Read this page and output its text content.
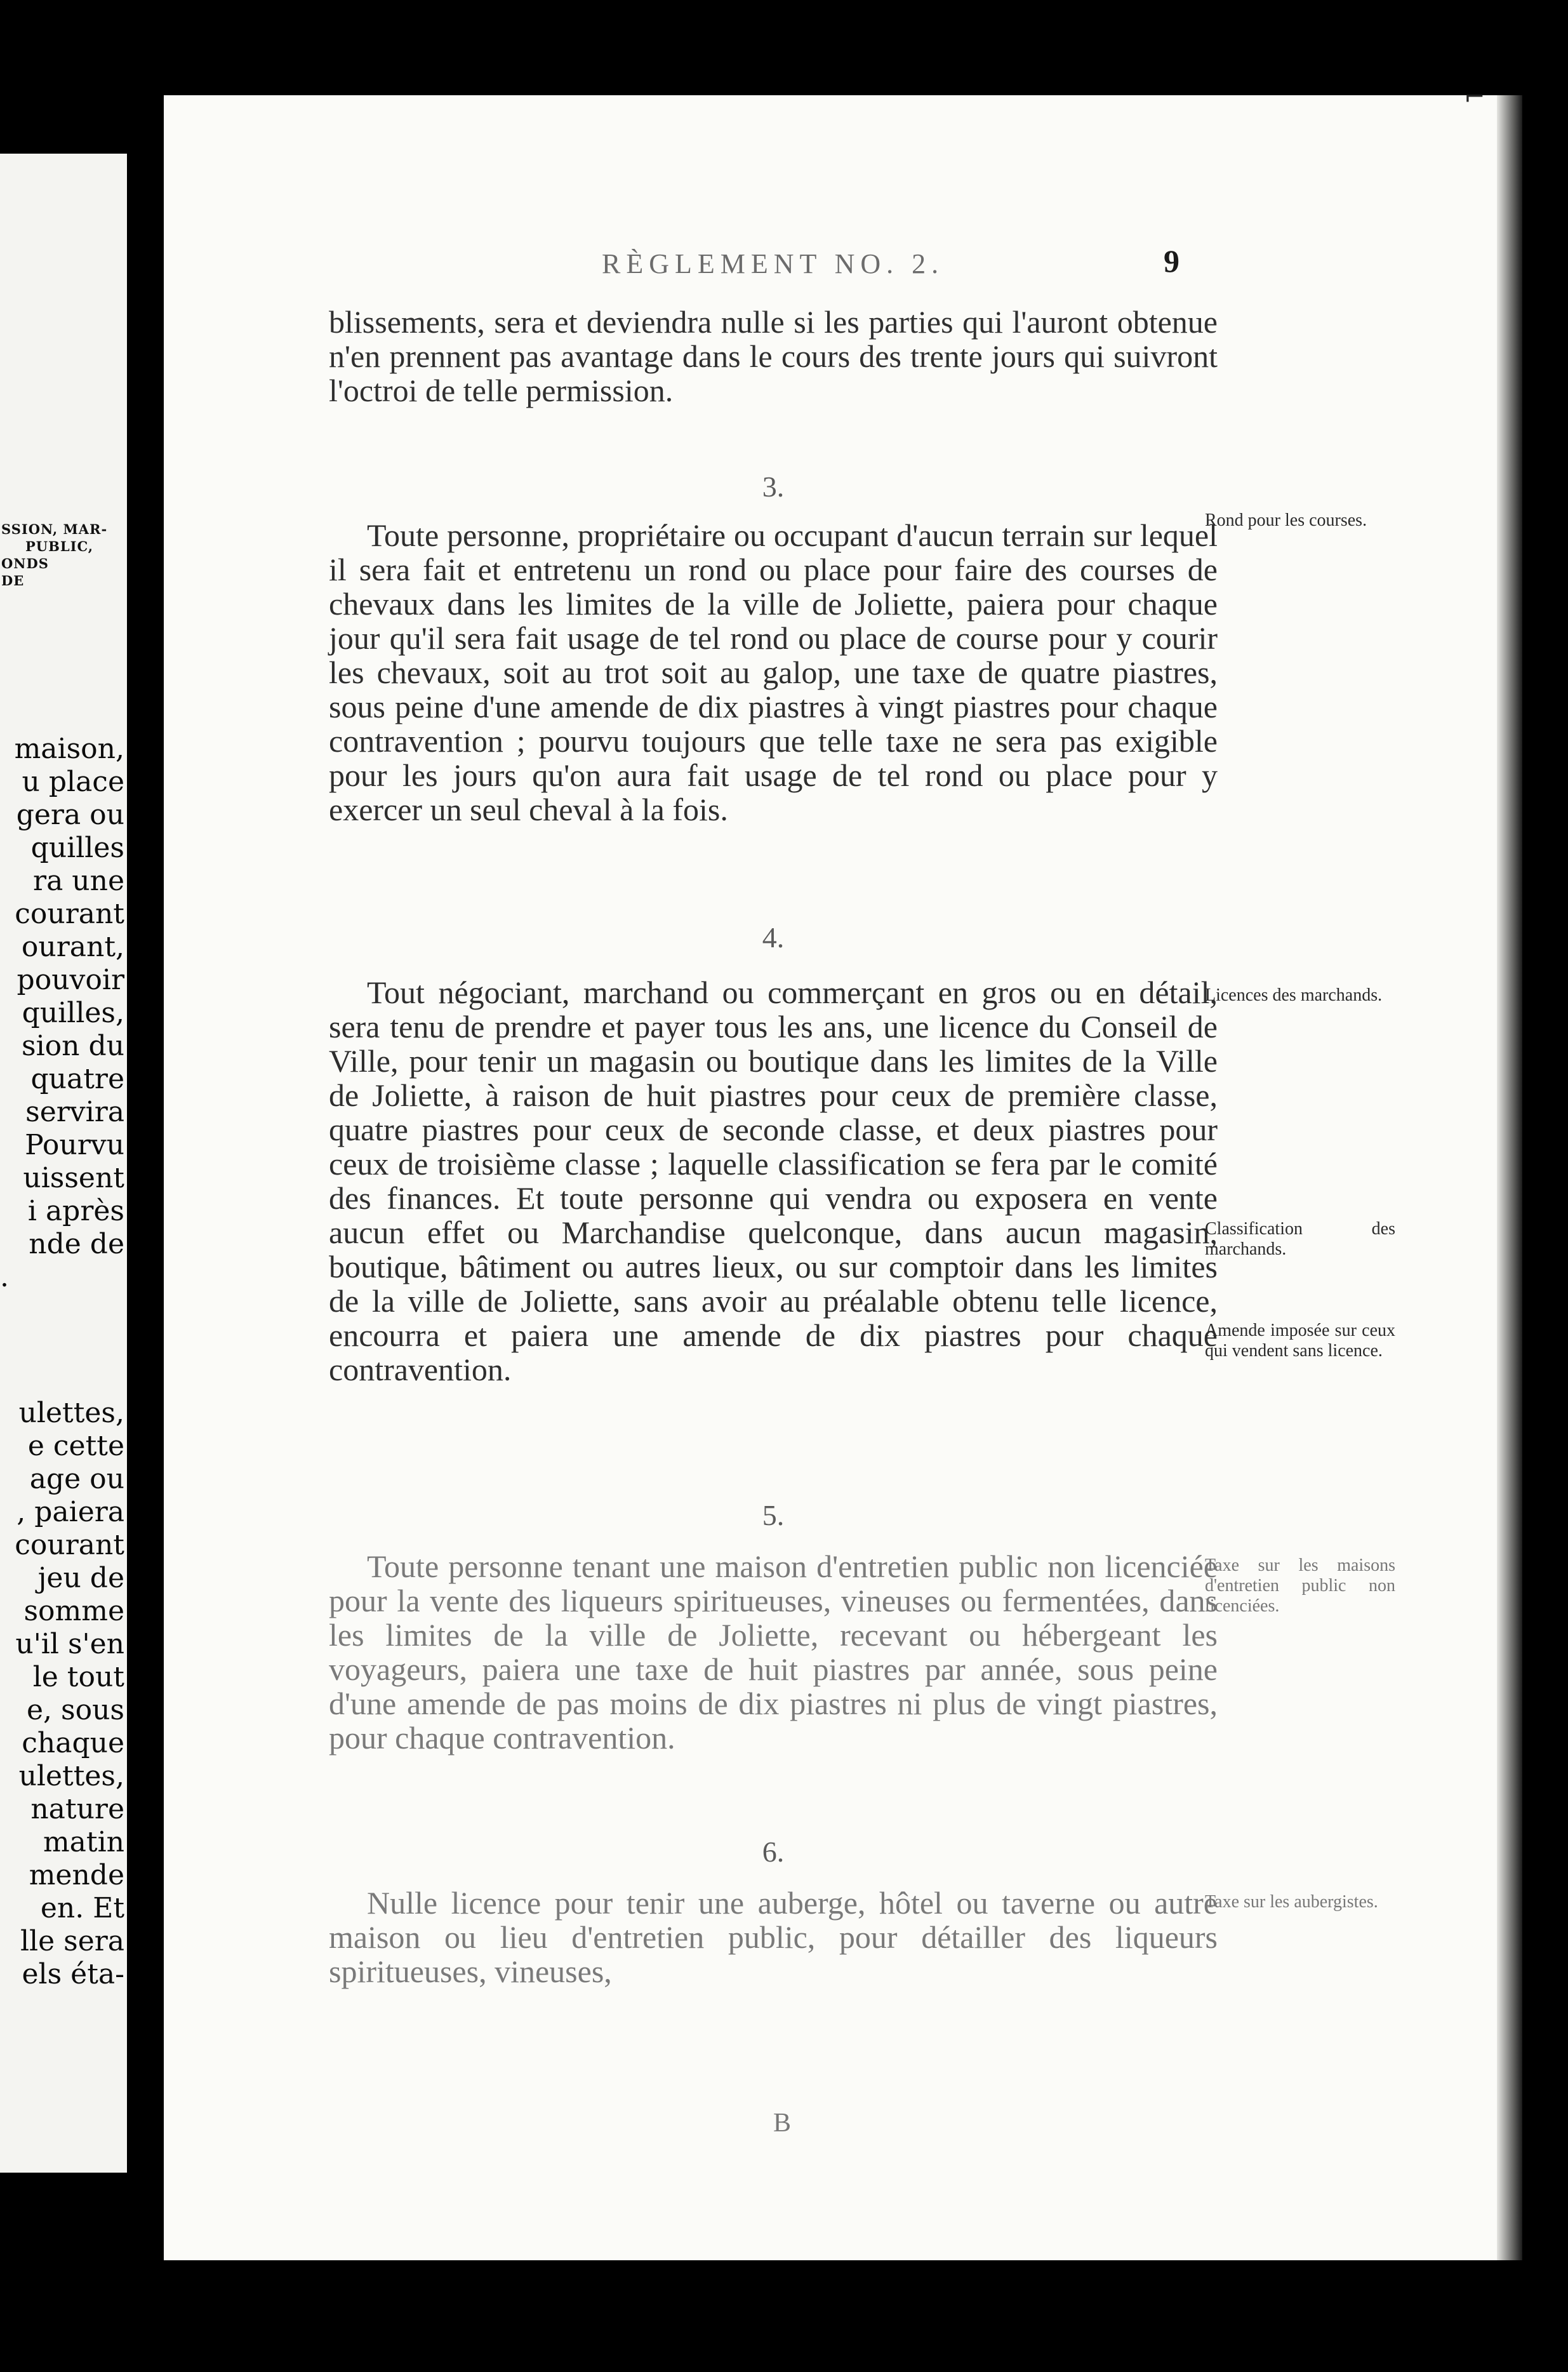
SSION, MAR-
PUBLIC,
ONDS
DE
maison,
u place
gera ou
quilles
ra une
courant
ourant,
pouvoir
quilles,
sion du
quatre
servira
Pourvu
uissent
i après
nde de
.
ulettes,
e cette
age ou
, paiera
courant
jeu de
somme
u'il s'en
le tout
e, sous
chaque
ulettes,
nature
matin
mende
en. Et
lle sera
els éta-
RÈGLEMENT NO. 2.	9

blissements, sera et deviendra nulle si les parties qui l'auront obtenue n'en prennent pas avantage dans le cours des trente jours qui suivront l'octroi de telle permission.

3.
Toute personne, propriétaire ou occupant d'aucun terrain sur lequel il sera fait et entretenu un rond ou place pour faire des courses de chevaux dans les limites de la ville de Joliette, paiera pour chaque jour qu'il sera fait usage de tel rond ou place de course pour y courir les chevaux, soit au trot soit au galop, une taxe de quatre piastres, sous peine d'une amende de dix piastres à vingt piastres pour chaque contravention ; pourvu toujours que telle taxe ne sera pas exigible pour les jours qu'on aura fait usage de tel rond ou place pour y exercer un seul cheval à la fois.
4.
Tout négociant, marchand ou commerçant en gros ou en détail, sera tenu de prendre et payer tous les ans, une licence du Conseil de Ville, pour tenir un magasin ou boutique dans les limites de la Ville de Joliette, à raison de huit piastres pour ceux de première classe, quatre piastres pour ceux de seconde classe, et deux piastres pour ceux de troisième classe ; laquelle classification se fera par le comité des finances. Et toute personne qui vendra ou exposera en vente aucun effet ou Marchandise quelconque, dans aucun magasin, boutique, bâtiment ou autres lieux, ou sur comptoir dans les limites de la ville de Joliette, sans avoir au préalable obtenu telle licence, encourra et paiera une amende de dix piastres pour chaque contravention.
5.
Toute personne tenant une maison d'entretien public non licenciée pour la vente des liqueurs spiritueuses, vineuses ou fermentées, dans les limites de la ville de Joliette, recevant ou hébergeant les voyageurs, paiera une taxe de huit piastres par année, sous peine d'une amende de pas moins de dix piastres ni plus de vingt piastres, pour chaque contravention.
6.
Nulle licence pour tenir une auberge, hôtel ou taverne ou autre maison ou lieu d'entretien public, pour détailler des liqueurs spiritueuses, vineuses,
Rond pour les courses.
Licences des marchands.
Classification des marchands.
Amende imposée sur ceux qui vendent sans licence.
Taxe sur les maisons d'entretien public non licenciées.
Taxe sur les aubergistes.
B
⌐
